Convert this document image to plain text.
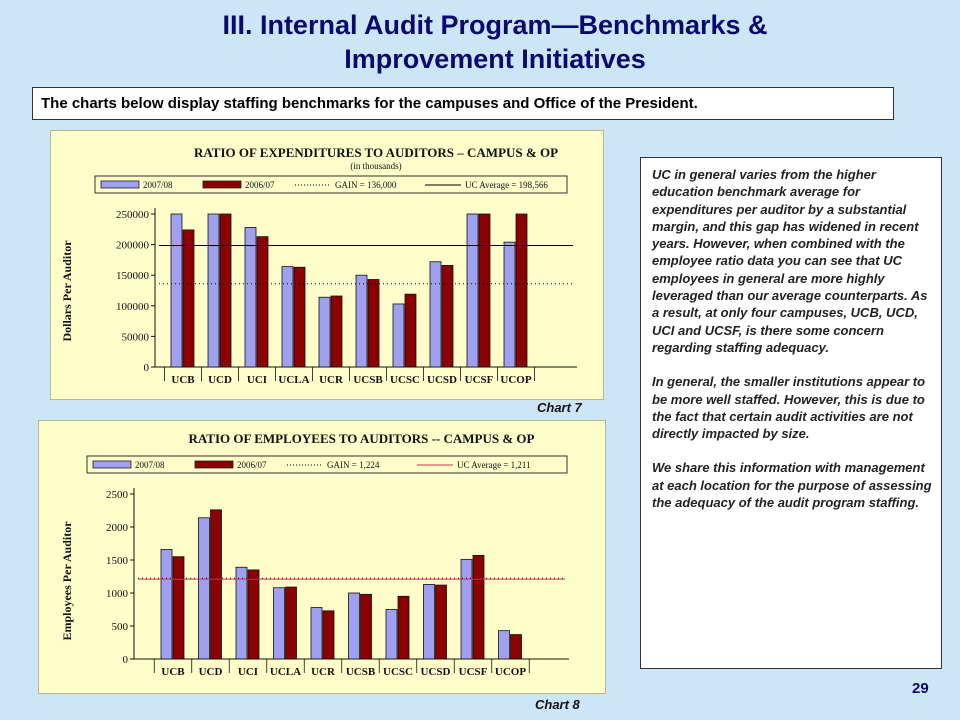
III. Internal Audit Program—Benchmarks &
Improvement Initiatives
The charts below display staffing benchmarks for the campuses and Office of the President.
RATIO OF EXPENDITURES TO AUDITORS – CAMPUS & OP
(in thousands)
2007/08	2006/07	GAIN = 136,000	UC Average = 198,566
0
50000
100000
150000
200000
250000
Dollars Per Auditor
UCB UCD UCI UCLA UCR UCSB UCSC UCSD UCSF UCOP
Chart 7
RATIO OF EMPLOYEES TO AUDITORS -- CAMPUS & OP
2007/08	2006/07	GAIN = 1,224	UC Average = 1,211
0
500
1000
1500
2000
2500
Employees Per Auditor
UCB UCD UCI UCLA UCR UCSB UCSC UCSD UCSF UCOP
Chart 8

UC in general varies from the higher education benchmark average for expenditures per auditor by a substantial margin, and this gap has widened in recent years. However, when combined with the employee ratio data you can see that UC employees in general are more highly leveraged than our average counterparts. As a result, at only four campuses, UCB, UCD, UCI and UCSF, is there some concern regarding staffing adequacy.

In general, the smaller institutions appear to be more well staffed. However, this is due to the fact that certain audit activities are not directly impacted by size.

We share this information with management at each location for the purpose of assessing the adequacy of the audit program staffing.

29
